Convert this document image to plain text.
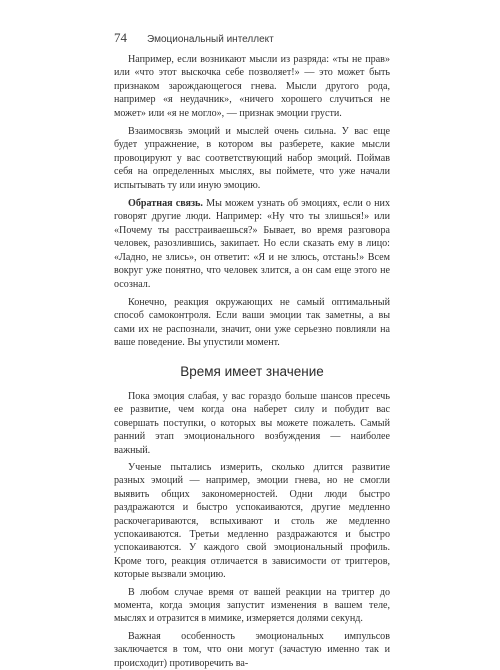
74 Эмоциональный интеллект

Например, если возникают мысли из разряда: «ты не прав» или «что этот выскочка себе позволяет!» — это может быть признаком зарождающегося гнева. Мысли другого рода, например «я неудачник», «ничего хорошего случиться не может» или «я не могло», — признак эмоции грусти.

Взаимосвязь эмоций и мыслей очень сильна. У вас еще будет упражнение, в котором вы разберете, какие мысли провоцируют у вас соответствующий набор эмоций. Поймав себя на определенных мыслях, вы поймете, что уже начали испытывать ту или иную эмоцию.

Обратная связь. Мы можем узнать об эмоциях, если о них говорят другие люди. Например: «Ну что ты злишься!» или «Почему ты расстраиваешься?» Бывает, во время разговора человек, разозлившись, закипает. Но если сказать ему в лицо: «Ладно, не злись», он ответит: «Я и не злюсь, отстань!» Всем вокруг уже понятно, что человек злится, а он сам еще этого не осознал.

Конечно, реакция окружающих не самый оптимальный способ самоконтроля. Если ваши эмоции так заметны, а вы сами их не распознали, значит, они уже серьезно повлияли на ваше поведение. Вы упустили момент.

Время имеет значение

Пока эмоция слабая, у вас гораздо больше шансов пресечь ее развитие, чем когда она наберет силу и побудит вас совершать поступки, о которых вы можете пожалеть. Самый ранний этап эмоционального возбуждения — наиболее важный.

Ученые пытались измерить, сколько длится развитие разных эмоций — например, эмоции гнева, но не смогли выявить общих закономерностей. Одни люди быстро раздражаются и быстро успокаиваются, другие медленно раскочегариваются, вспыхивают и столь же медленно успокаиваются. Третьи медленно раздражаются и быстро успокаиваются. У каждого свой эмоциональный профиль. Кроме того, реакция отличается в зависимости от триггеров, которые вызвали эмоцию.

В любом случае время от вашей реакции на триггер до момента, когда эмоция запустит изменения в вашем теле, мыслях и отразится в мимике, измеряется долями секунд.

Важная особенность эмоциональных импульсов заключается в том, что они могут (зачастую именно так и происходит) противоречить ва-
